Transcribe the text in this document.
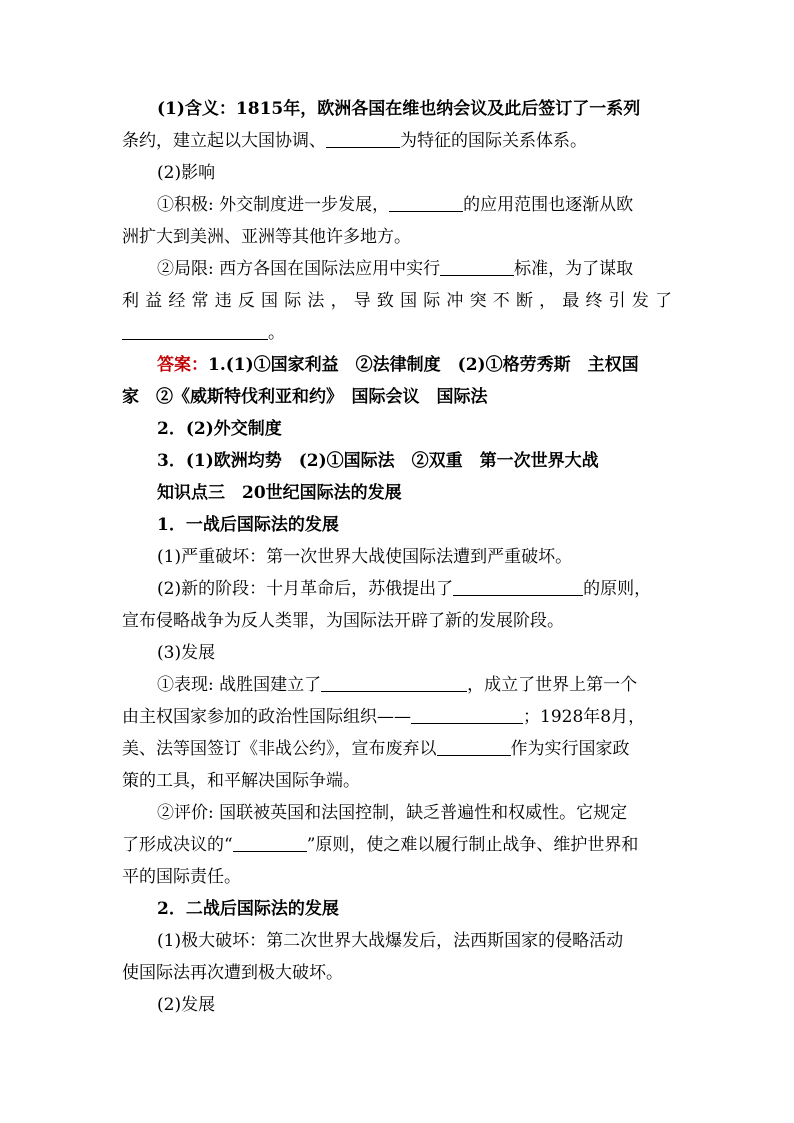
(1)含义：1815年，欧洲各国在维也纳会议及此后签订了一系列
条约，建立起以大国协调、	为特征的国际关系体系。
(2)影响
①积极: 外交制度进一步发展，	的应用范围也逐渐从欧
洲扩大到美洲、亚洲等其他许多地方。
②局限: 西方各国在国际法应用中实行	标准，为了谋取
利益经常违反国际法，导致国际冲突不断，最终引发了
。
答案：1.(1)①国家利益　②法律制度　(2)①格劳秀斯　主权国
家　②《威斯特伐利亚和约》　国际会议　国际法
2．(2)外交制度
3．(1)欧洲均势　(2)①国际法　②双重　第一次世界大战
知识点三　20世纪国际法的发展
1．一战后国际法的发展
(1)严重破坏：第一次世界大战使国际法遭到严重破坏。
(2)新的阶段：十月革命后，苏俄提出了	的原则，
宣布侵略战争为反人类罪，为国际法开辟了新的发展阶段。
(3)发展
①表现: 战胜国建立了	，成立了世界上第一个
由主权国家参加的政治性国际组织——	；1928年8月，
美、法等国签订《非战公约》，宣布废弃以	作为实行国家政
策的工具，和平解决国际争端。
②评价: 国联被英国和法国控制，缺乏普遍性和权威性。它规定
了形成决议的“	”原则，使之难以履行制止战争、维护世界和
平的国际责任。
2．二战后国际法的发展
(1)极大破坏：第二次世界大战爆发后，法西斯国家的侵略活动
使国际法再次遭到极大破坏。
(2)发展
